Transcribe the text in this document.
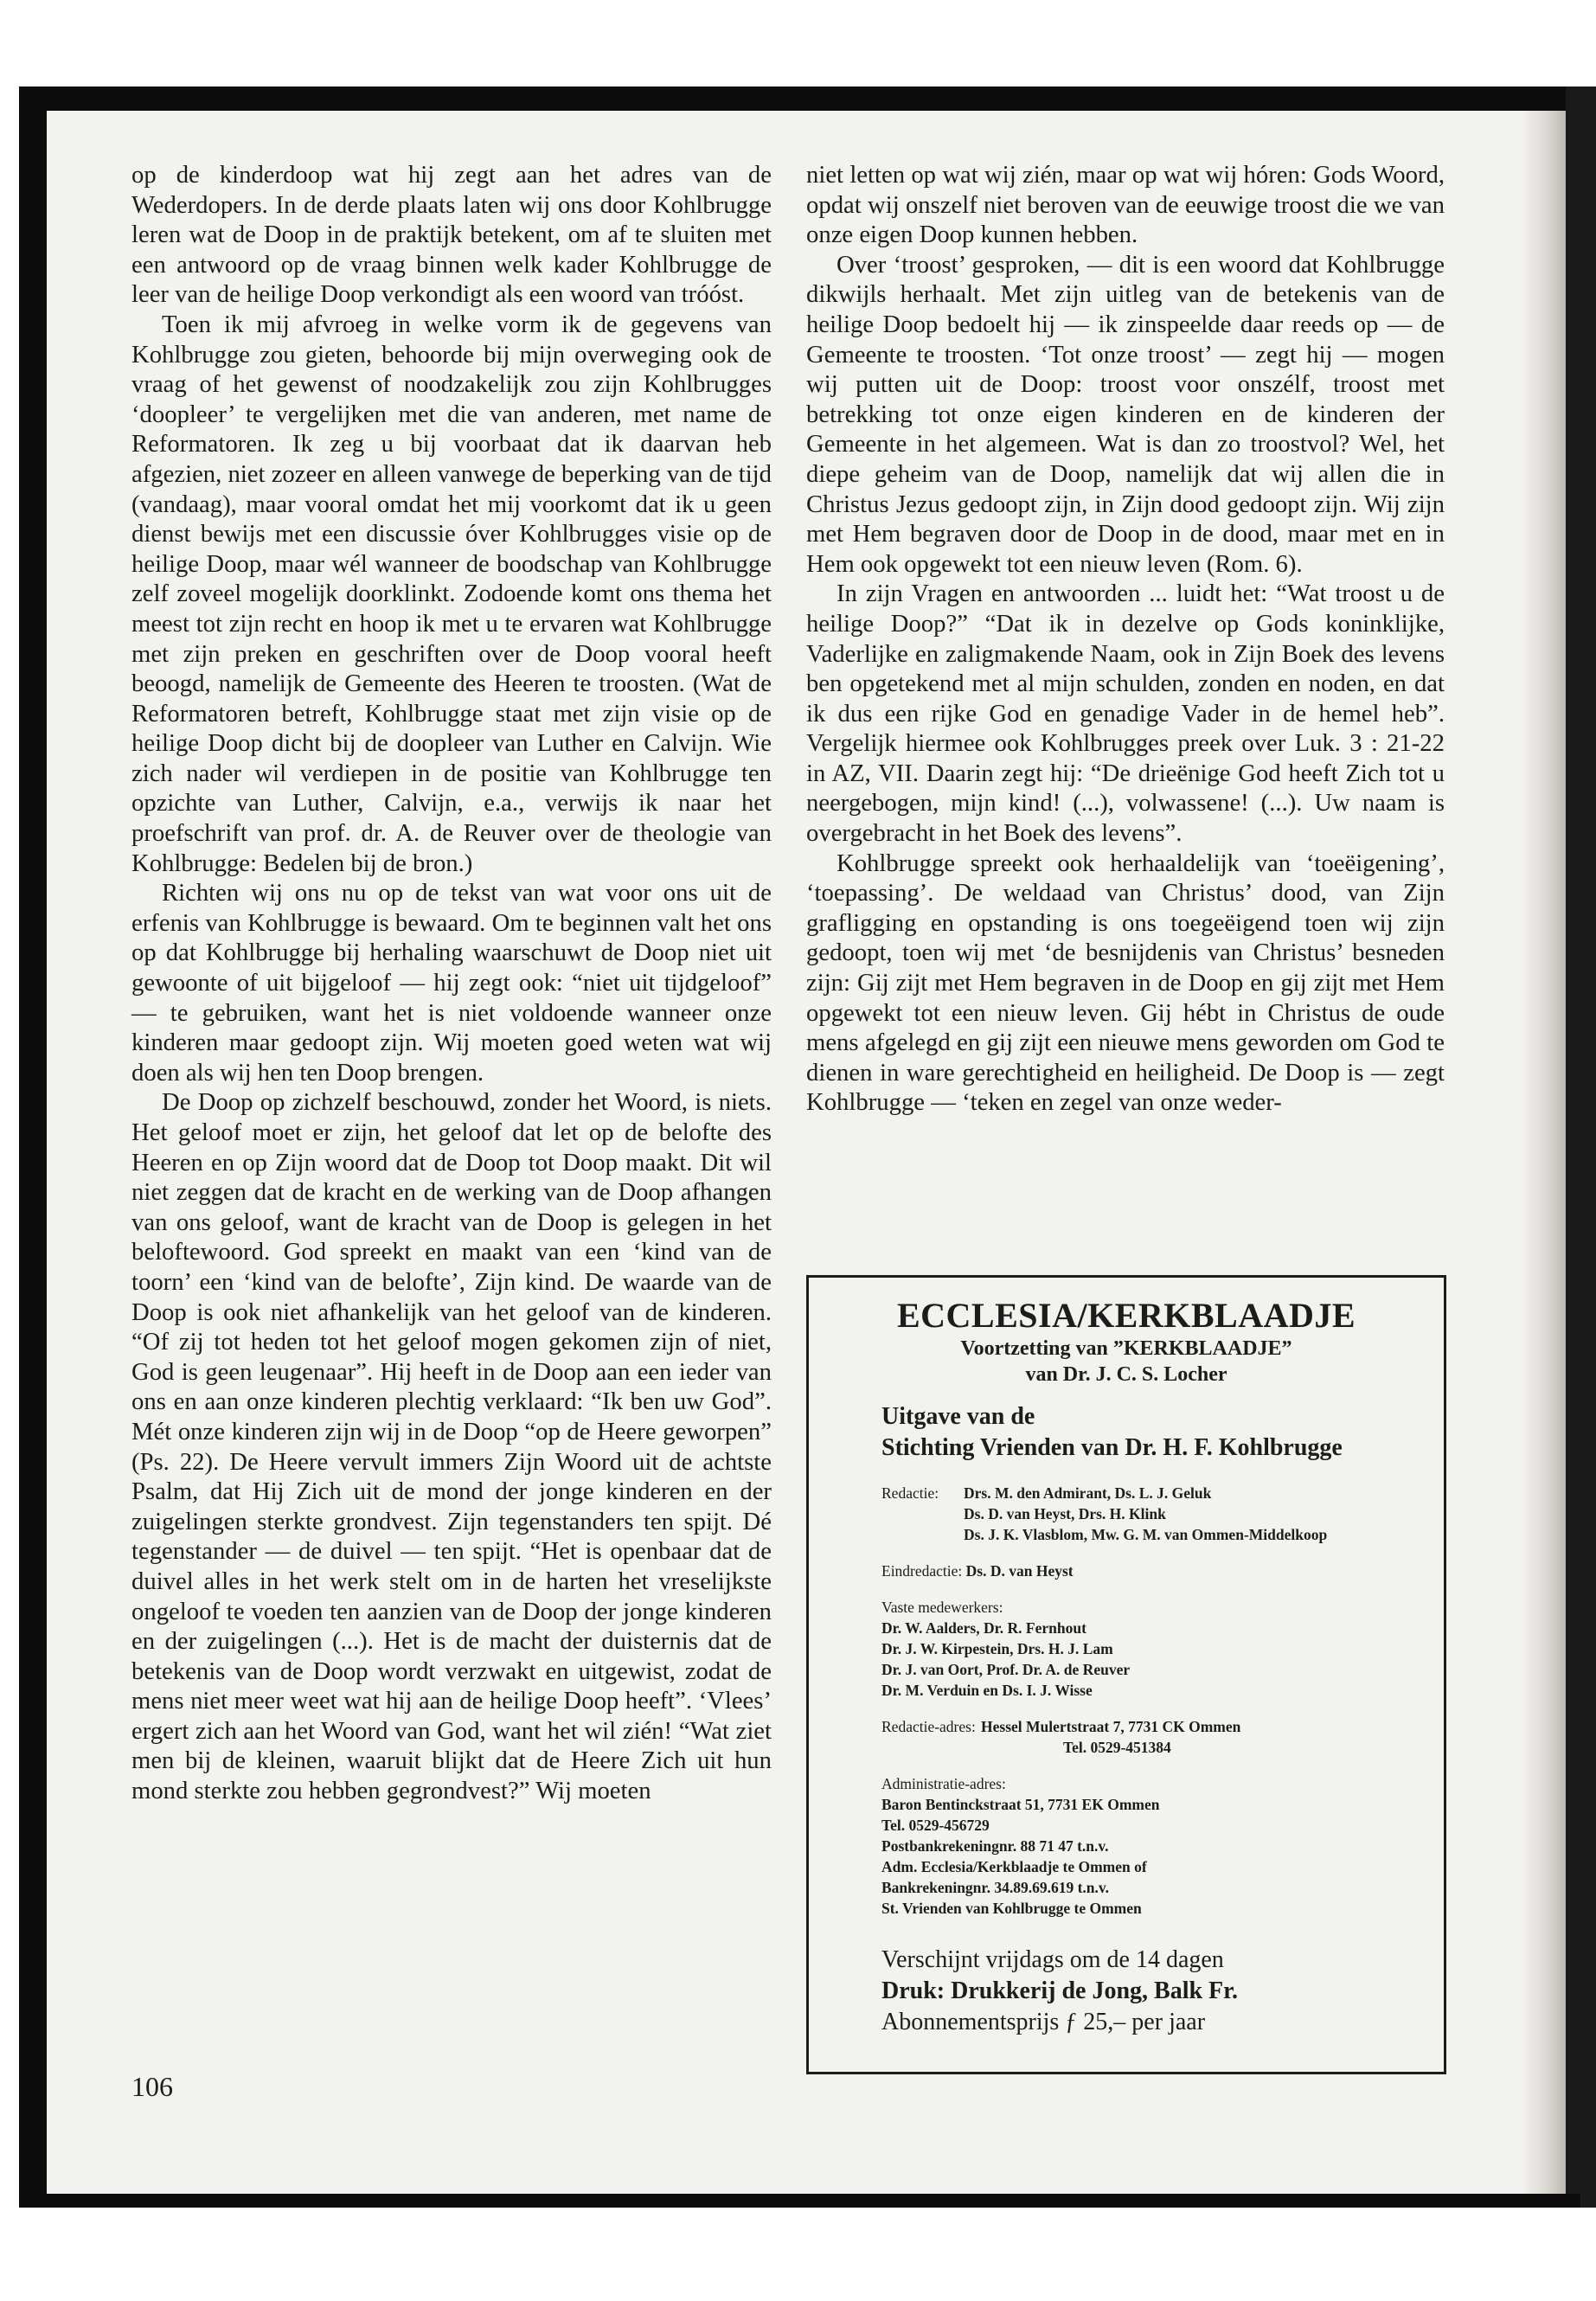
op de kinderdoop wat hij zegt aan het adres van de Wederdopers. In de derde plaats laten wij ons door Kohlbrugge leren wat de Doop in de praktijk betekent, om af te sluiten met een antwoord op de vraag binnen welk kader Kohlbrugge de leer van de heilige Doop verkondigt als een woord van tróóst.

Toen ik mij afvroeg in welke vorm ik de gegevens van Kohlbrugge zou gieten, behoorde bij mijn overweging ook de vraag of het gewenst of noodzakelijk zou zijn Kohlbrugges ‘doopleer’ te vergelijken met die van anderen, met name de Reformatoren. Ik zeg u bij voorbaat dat ik daarvan heb afgezien, niet zozeer en alleen vanwege de beperking van de tijd (vandaag), maar vooral omdat het mij voorkomt dat ik u geen dienst bewijs met een discussie óver Kohlbrugges visie op de heilige Doop, maar wél wanneer de boodschap van Kohlbrugge zelf zoveel mogelijk doorklinkt. Zodoende komt ons thema het meest tot zijn recht en hoop ik met u te ervaren wat Kohlbrugge met zijn preken en geschriften over de Doop vooral heeft beoogd, namelijk de Gemeente des Heeren te troosten. (Wat de Reformatoren betreft, Kohlbrugge staat met zijn visie op de heilige Doop dicht bij de doopleer van Luther en Calvijn. Wie zich nader wil verdiepen in de positie van Kohlbrugge ten opzichte van Luther, Calvijn, e.a., verwijs ik naar het proefschrift van prof. dr. A. de Reuver over de theologie van Kohlbrugge: Bedelen bij de bron.)

Richten wij ons nu op de tekst van wat voor ons uit de erfenis van Kohlbrugge is bewaard. Om te beginnen valt het ons op dat Kohlbrugge bij herhaling waarschuwt de Doop niet uit gewoonte of uit bijgeloof — hij zegt ook: “niet uit tijdgeloof” — te gebruiken, want het is niet voldoende wanneer onze kinderen maar gedoopt zijn. Wij moeten goed weten wat wij doen als wij hen ten Doop brengen.

De Doop op zichzelf beschouwd, zonder het Woord, is niets. Het geloof moet er zijn, het geloof dat let op de belofte des Heeren en op Zijn woord dat de Doop tot Doop maakt. Dit wil niet zeggen dat de kracht en de werking van de Doop afhangen van ons geloof, want de kracht van de Doop is gelegen in het beloftewoord. God spreekt en maakt van een ‘kind van de toorn’ een ‘kind van de belofte’, Zijn kind. De waarde van de Doop is ook niet afhankelijk van het geloof van de kinderen. “Of zij tot heden tot het geloof mogen gekomen zijn of niet, God is geen leugenaar”. Hij heeft in de Doop aan een ieder van ons en aan onze kinderen plechtig verklaard: “Ik ben uw God”. Mét onze kinderen zijn wij in de Doop “op de Heere geworpen” (Ps. 22). De Heere vervult immers Zijn Woord uit de achtste Psalm, dat Hij Zich uit de mond der jonge kinderen en der zuigelingen sterkte grondvest. Zijn tegenstanders ten spijt. Dé tegenstander — de duivel — ten spijt. “Het is openbaar dat de duivel alles in het werk stelt om in de harten het vreselijkste ongeloof te voeden ten aanzien van de Doop der jonge kinderen en der zuigelingen (...). Het is de macht der duisternis dat de betekenis van de Doop wordt verzwakt en uitgewist, zodat de mens niet meer weet wat hij aan de heilige Doop heeft”. ‘Vlees’ ergert zich aan het Woord van God, want het wil zién! “Wat ziet men bij de kleinen, waaruit blijkt dat de Heere Zich uit hun mond sterkte zou hebben gegrondvest?” Wij moeten

niet letten op wat wij zién, maar op wat wij hóren: Gods Woord, opdat wij onszelf niet beroven van de eeuwige troost die we van onze eigen Doop kunnen hebben.

Over ‘troost’ gesproken, — dit is een woord dat Kohlbrugge dikwijls herhaalt. Met zijn uitleg van de betekenis van de heilige Doop bedoelt hij — ik zinspeelde daar reeds op — de Gemeente te troosten. ‘Tot onze troost’ — zegt hij — mogen wij putten uit de Doop: troost voor onszélf, troost met betrekking tot onze eigen kinderen en de kinderen der Gemeente in het algemeen. Wat is dan zo troostvol? Wel, het diepe geheim van de Doop, namelijk dat wij allen die in Christus Jezus gedoopt zijn, in Zijn dood gedoopt zijn. Wij zijn met Hem begraven door de Doop in de dood, maar met en in Hem ook opgewekt tot een nieuw leven (Rom. 6).

In zijn Vragen en antwoorden ... luidt het: “Wat troost u de heilige Doop?” “Dat ik in dezelve op Gods koninklijke, Vaderlijke en zaligmakende Naam, ook in Zijn Boek des levens ben opgetekend met al mijn schulden, zonden en noden, en dat ik dus een rijke God en genadige Vader in de hemel heb”. Vergelijk hiermee ook Kohlbrugges preek over Luk. 3 : 21-22 in AZ, VII. Daarin zegt hij: “De drieënige God heeft Zich tot u neergebogen, mijn kind! (...), volwassene! (...). Uw naam is overgebracht in het Boek des levens”.

Kohlbrugge spreekt ook herhaaldelijk van ‘toeëigening’, ‘toepassing’. De weldaad van Christus’ dood, van Zijn grafligging en opstanding is ons toegeëigend toen wij zijn gedoopt, toen wij met ‘de besnijdenis van Christus’ besneden zijn: Gij zijt met Hem begraven in de Doop en gij zijt met Hem opgewekt tot een nieuw leven. Gij hébt in Christus de oude mens afgelegd en gij zijt een nieuwe mens geworden om God te dienen in ware gerechtigheid en heiligheid. De Doop is — zegt Kohlbrugge — ‘teken en zegel van onze weder-

ECCLESIA/KERKBLAADJE
Voortzetting van ”KERKBLAADJE”
van Dr. J. C. S. Locher
Uitgave van de
Stichting Vrienden van Dr. H. F. Kohlbrugge
Redactie:	Drs. M. den Admirant, Ds. L. J. Geluk
Ds. D. van Heyst, Drs. H. Klink
Ds. J. K. Vlasblom, Mw. G. M. van Ommen-Middelkoop
Eindredactie: Ds. D. van Heyst
Vaste medewerkers:
Dr. W. Aalders, Dr. R. Fernhout
Dr. J. W. Kirpestein, Drs. H. J. Lam
Dr. J. van Oort, Prof. Dr. A. de Reuver
Dr. M. Verduin en Ds. I. J. Wisse
Redactie-adres: Hessel Mulertstraat 7, 7731 CK Ommen
Tel. 0529-451384
Administratie-adres:
Baron Bentinckstraat 51, 7731 EK Ommen
Tel. 0529-456729
Postbankrekeningnr. 88 71 47 t.n.v.
Adm. Ecclesia/Kerkblaadje te Ommen of
Bankrekeningnr. 34.89.69.619 t.n.v.
St. Vrienden van Kohlbrugge te Ommen
Verschijnt vrijdags om de 14 dagen
Druk: Drukkerij de Jong, Balk Fr.
Abonnementsprijs ƒ 25,– per jaar
106
